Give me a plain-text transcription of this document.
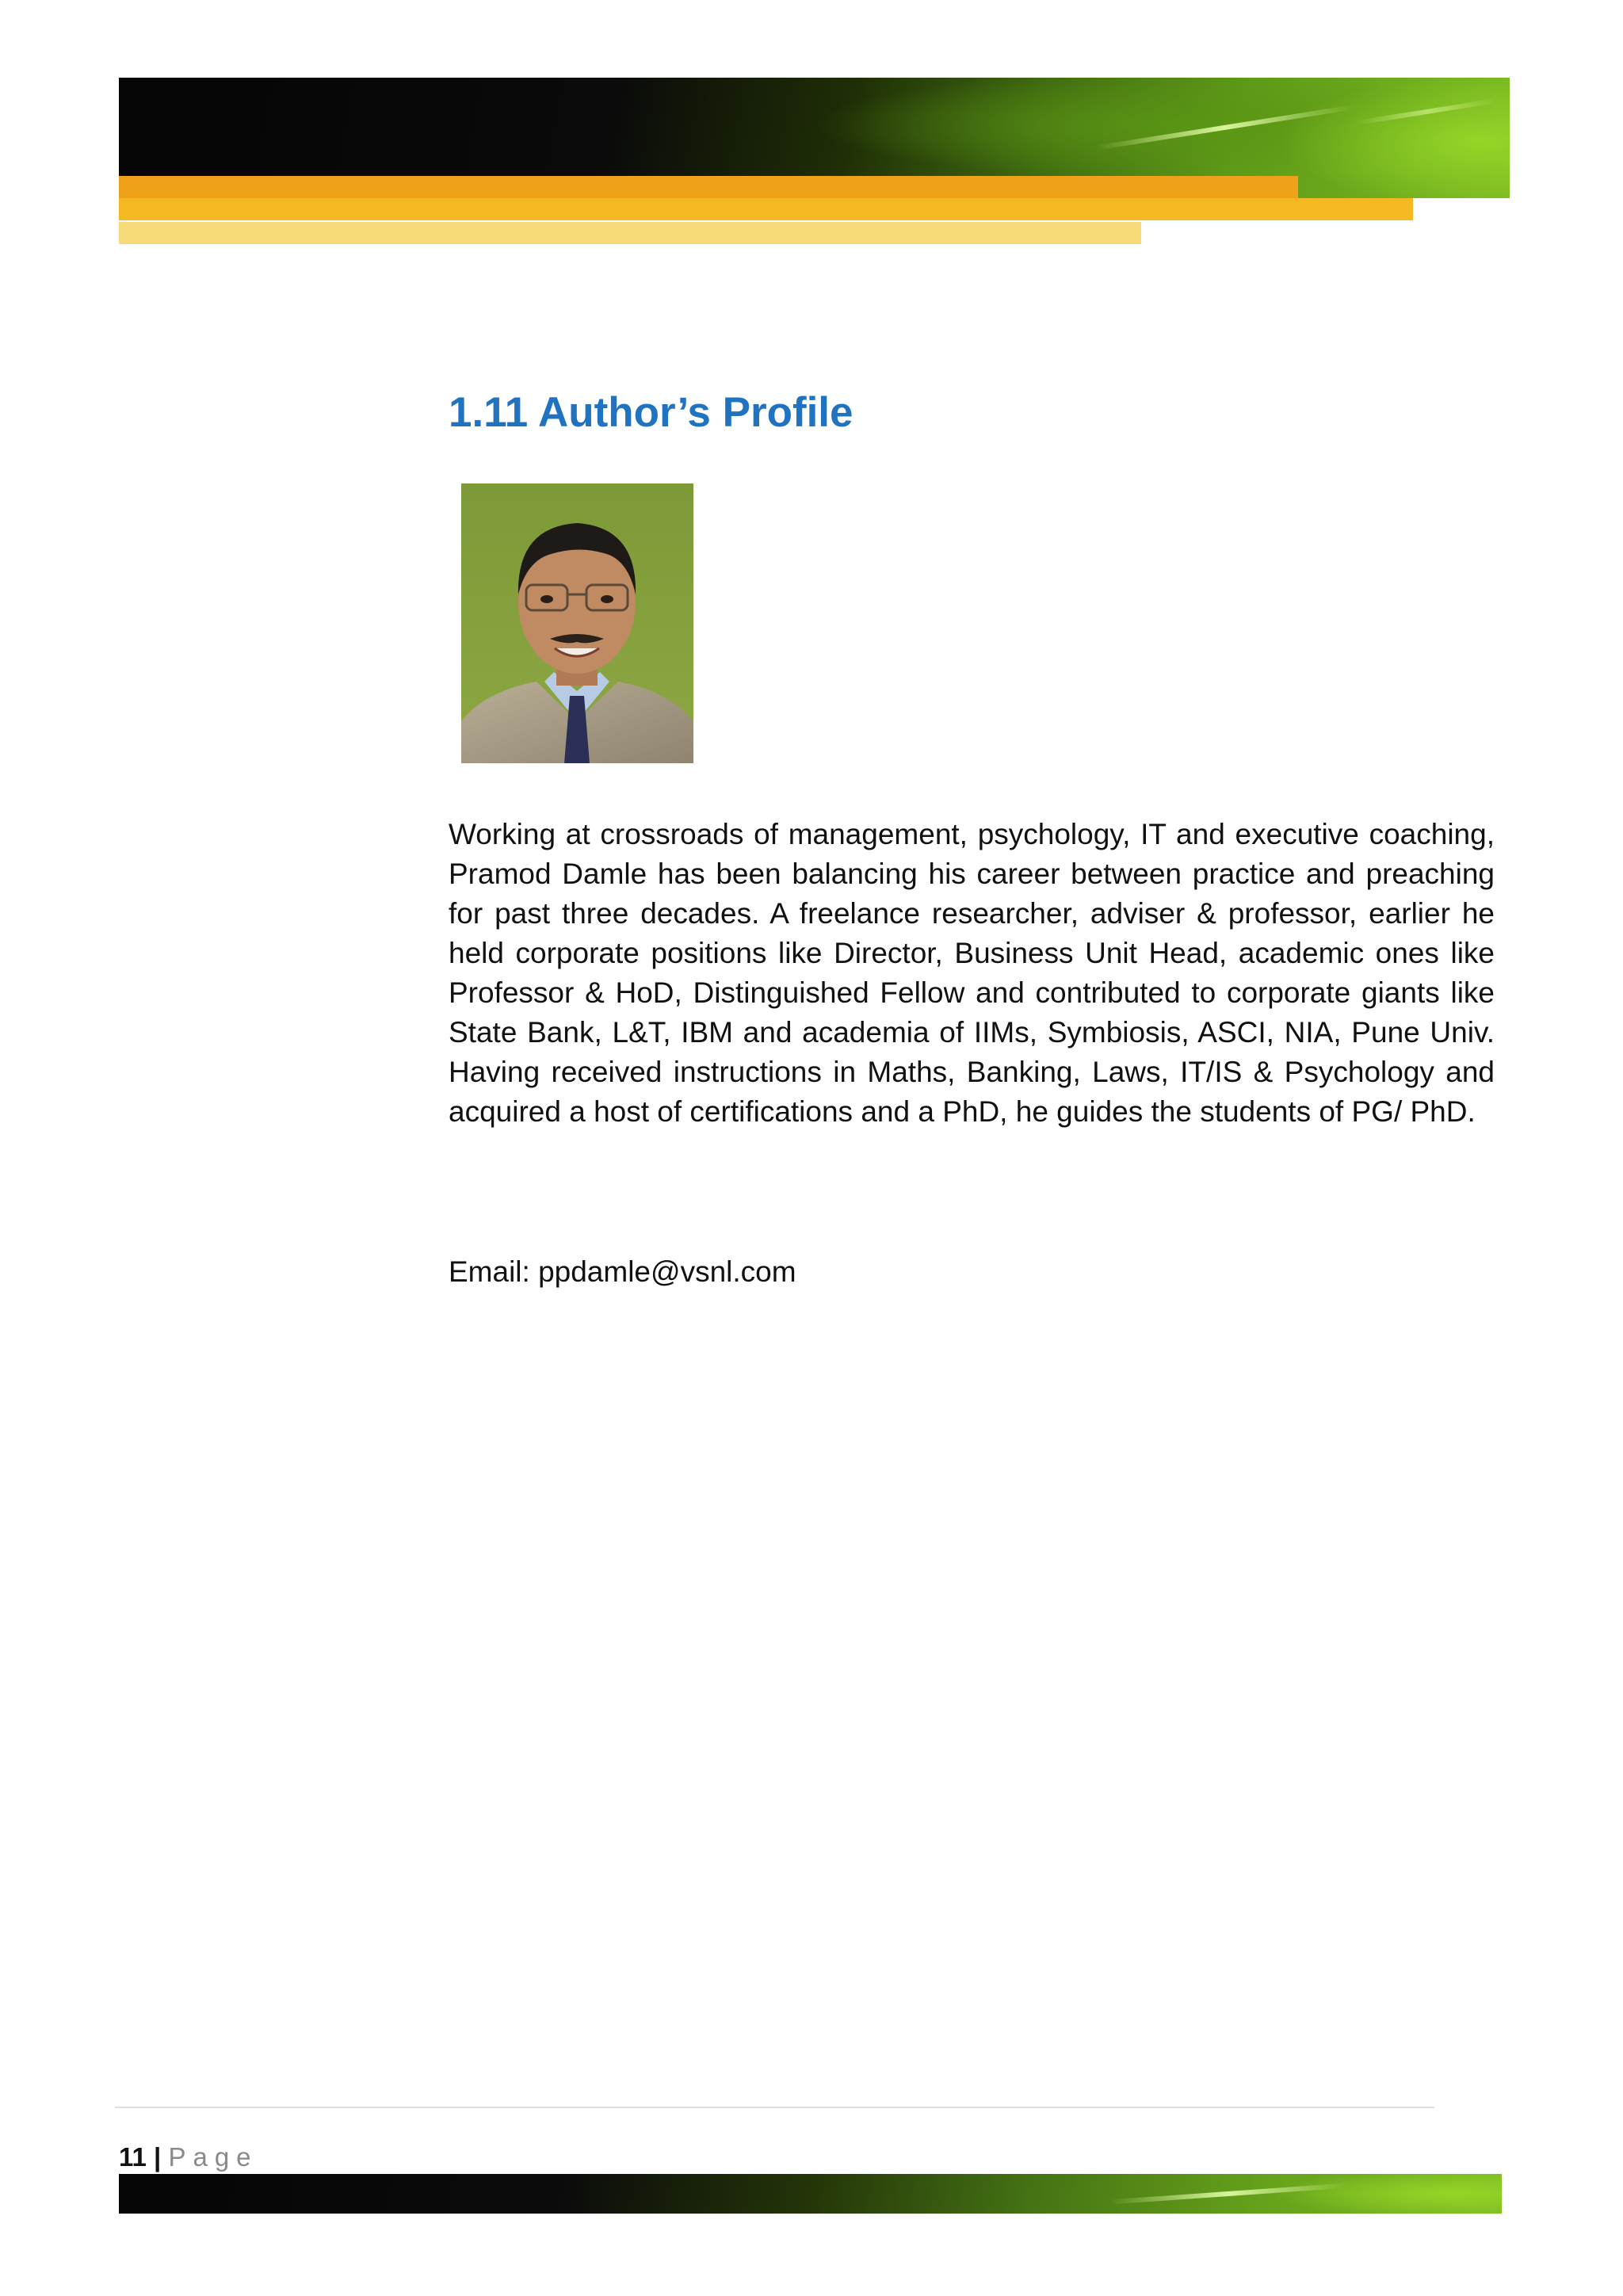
1.11 Author’s Profile

Working at crossroads of management, psychology, IT and executive coaching, Pramod Damle has been balancing his career between practice and preaching for past three decades. A freelance researcher, adviser & professor, earlier he held corporate positions like Director, Business Unit Head, academic ones like Professor & HoD, Distinguished Fellow and contributed to corporate giants like State Bank, L&T, IBM and academia of IIMs, Symbiosis, ASCI, NIA, Pune Univ. Having received instructions in Maths, Banking, Laws, IT/IS & Psychology and acquired a host of certifications and a PhD, he guides the students of PG/ PhD.

Email: ppdamle@vsnl.com

11 | Page
